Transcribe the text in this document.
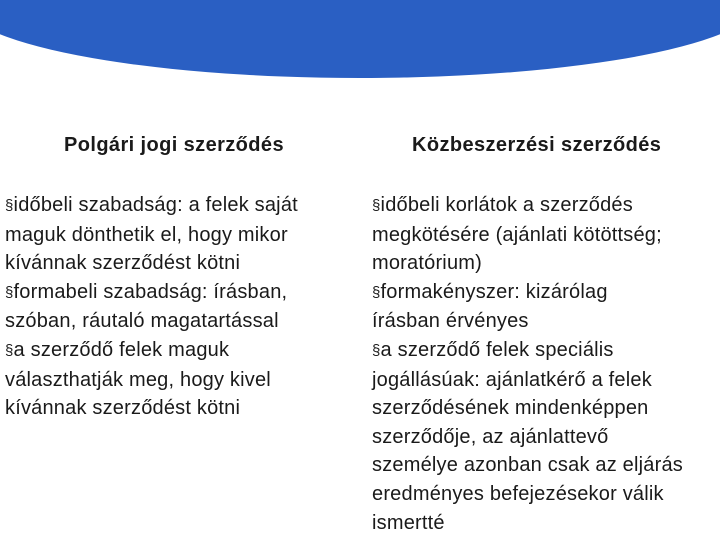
Polgári jogi szerződés	Közbeszerzési szerződés
§időbeli szabadság: a felek saját
maguk dönthetik el, hogy mikor
kívánnak szerződést kötni
§formabeli szabadság: írásban,
szóban, ráutaló magatartással
§a szerződő felek maguk
választhatják meg, hogy kivel
kívánnak szerződést kötni
§időbeli korlátok a szerződés
megkötésére (ajánlati kötöttség;
moratórium)
§formakényszer: kizárólag
írásban érvényes
§a szerződő felek speciális
jogállásúak: ajánlatkérő a felek
szerződésének mindenképpen
szerződője, az ajánlattevő
személye azonban csak az eljárás
eredményes befejezésekor válik
ismertté
